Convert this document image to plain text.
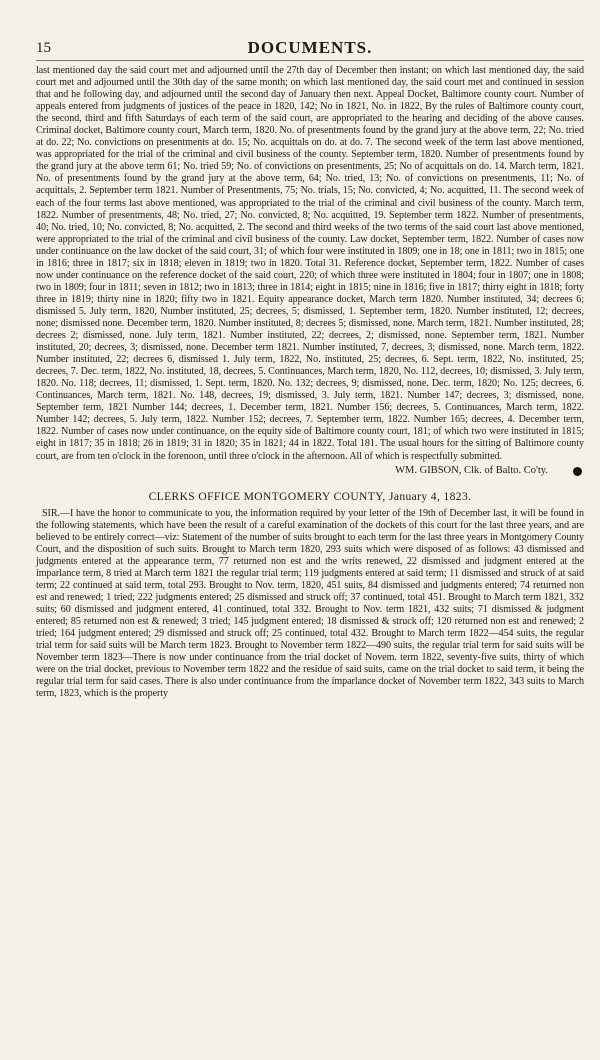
15	DOCUMENTS.

last mentioned day the said court met and adjourned until the 27th day of December then instant; on which last mentioned day, the said court met and adjourned until the 30th day of the same month; on which last mentioned day, the said court met and continued in session that and he following day, and adjourned until the second day of January then next. Appeal Docket, Baltimore county court. Number of appeals entered from judgments of justices of the peace in 1820, 142; No in 1821, No. in 1822, By the rules of Baltimore county court, the second, third and fifth Saturdays of each term of the said court, are appropriated to the hearing and deciding of the above causes. Criminal docket, Baltimore county court, March term, 1820. No. of presentments found by the grand jury at the above term, 22; No. tried at do. 22; No. convictions on presentments at do. 15; No. acquittals on do. at do. 7. The second week of the term last above mentioned, was appropriated for the trial of the criminal and civil business of the county. September term, 1820. Number of presentments found by the grand jury at the above term 61; No. tried 59; No. of convictions on presentments, 25; No of acquittals on do. 14. March term, 1821. No. of presentments found by the grand jury at the above term, 64; No. tried, 13; No. of convictions on presentments, 11; No. of acquittals, 2. September term 1821. Number of Presentments, 75; No. trials, 15; No. convicted, 4; No. acquitted, 11. The second week of each of the four terms last above mentioned, was appropriated to the trial of the criminal and civil business of the county. March term, 1822. Number of presentments, 48; No. tried, 27; No. convicted, 8; No. acquitted, 19. September term 1822. Number of presentments, 40; No. tried, 10; No. convicted, 8; No. acquitted, 2. The second and third weeks of the two terms of the said court last above mentioned, were appropriated to the trial of the criminal and civil business of the county. Law docket, September term, 1822. Number of cases now under continuance on the law docket of the said court, 31; of which four were instituted in 1809; one in 18; one in 1811; two in 1815; one in 1816; three in 1817; six in 1818; eleven in 1819; two in 1820. Total 31. Reference docket, September term, 1822. Number of cases now under continuance on the reference docket of the said court, 220; of which three were instituted in 1804; four in 1807; one in 1808; two in 1809; four in 1811; seven in 1812; two in 1813; three in 1814; eight in 1815; nine in 1816; five in 1817; thirty eight in 1818; forty three in 1819; thirty nine in 1820; fifty two in 1821. Equity appearance docket, March term 1820. Number instituted, 34; decrees 6; dismissed 5. July term, 1820, Number instituted, 25; decrees, 5; dismissed, 1. September term, 1820. Number instituted, 12; decrees, none; dismissed none. December term, 1820. Number instituted, 8; decrees 5; dismissed, none. March term, 1821. Number instituted, 28; decrees 2; dismissed, none. July term, 1821. Number instituted, 22; decrees, 2; dismissed, none. September term, 1821. Number instituted, 20; decrees, 3; dismissed, none. December term 1821. Number instituted, 7, decrees, 3; dismissed, none. March term, 1822. Number instituted, 22; decrees 6, dismissed 1. July term, 1822, No. instituted, 25; decrees, 6. Sept. term, 1822, No. instituted, 25; decrees, 7. Dec. term, 1822, No. instituted, 18, decrees, 5. Continuances, March term, 1820, No. 112, decrees, 10; dismissed, 3. July term, 1820. No. 118; decrees, 11; dismissed, 1. Sept. term, 1820. No. 132; decrees, 9; dismissed, none. Dec. term, 1820; No. 125; decrees, 6. Continuances, March term, 1821. No. 148, decrees, 19; dismissed, 3. July term, 1821. Number 147; decrees, 3; dismissed, none. September term, 1821 Number 144; decrees, 1. December term, 1821. Number 156; decrees, 5. Continuances, March term, 1822. Number 142; decrees, 5. July term, 1822. Number 152; decrees, 7. September term, 1822. Number 165; decrees, 4. December term, 1822. Number of cases now under continuance, on the equity side of Baltimore county court, 181; of which two were instituted in 1815; eight in 1817; 35 in 1818; 26 in 1819; 31 in 1820; 35 in 1821; 44 in 1822. Total 181. The usual hours for the sitting of Baltimore county court, are from ten o'clock in the forenoon, until three o'clock in the afternoon. All of which is respectfully submitted.

WM. GIBSON, Clk. of Balto. Co'ty.
CLERKS OFFICE MONTGOMERY COUNTY, January 4, 1823.

SIR.—I have the honor to communicate to you, the information required by your letter of the 19th of December last, it will be found in the following statements, which have been the result of a careful examination of the dockets of this court for the last three years, and are believed to be entirely correct—viz: Statement of the number of suits brought to each term for the last three years in Montgomery County Court, and the disposition of such suits. Brought to March term 1820, 293 suits which were disposed of as follows: 43 dismissed and judgments entered at the appearance term, 77 returned non est and the writs renewed, 22 dismissed and judgment entered at the imparlance term, 8 tried at March term 1821 the regular trial term; 119 judgments entered at said term; 11 dismissed and struck of at said term; 22 continued at said term, total 293. Brought to Nov. term, 1820, 451 suits, 84 dismissed and judgments entered; 74 returned non est and renewed; 1 tried; 222 judgments entered; 25 dismissed and struck off; 37 continued, total 451. Brought to March term 1821, 332 suits; 60 dismissed and judgment entered, 41 continued, total 332. Brought to Nov. term 1821, 432 suits; 71 dismissed & judgment entered; 85 returned non est & renewed; 3 tried; 145 judgment entered; 18 dismissed & struck off; 120 returned non est and renewed; 2 tried; 164 judgment entered; 29 dismissed and struck off; 25 continued, total 432. Brought to March term 1822—454 suits, the regular trial term for said suits will be March term 1823. Brought to November term 1822—490 suits, the regular trial term for said suits will be November term 1823—There is now under continuance from the trial docket of Novem. term 1822, seventy-five suits, thirty of which were on the trial docket, previous to November term 1822 and the residue of said suits, came on the trial docket to said term, it being the regular trial term for said cases. There is also under continuance from the imparlance docket of November term 1822, 343 suits to March term, 1823, which is the property
